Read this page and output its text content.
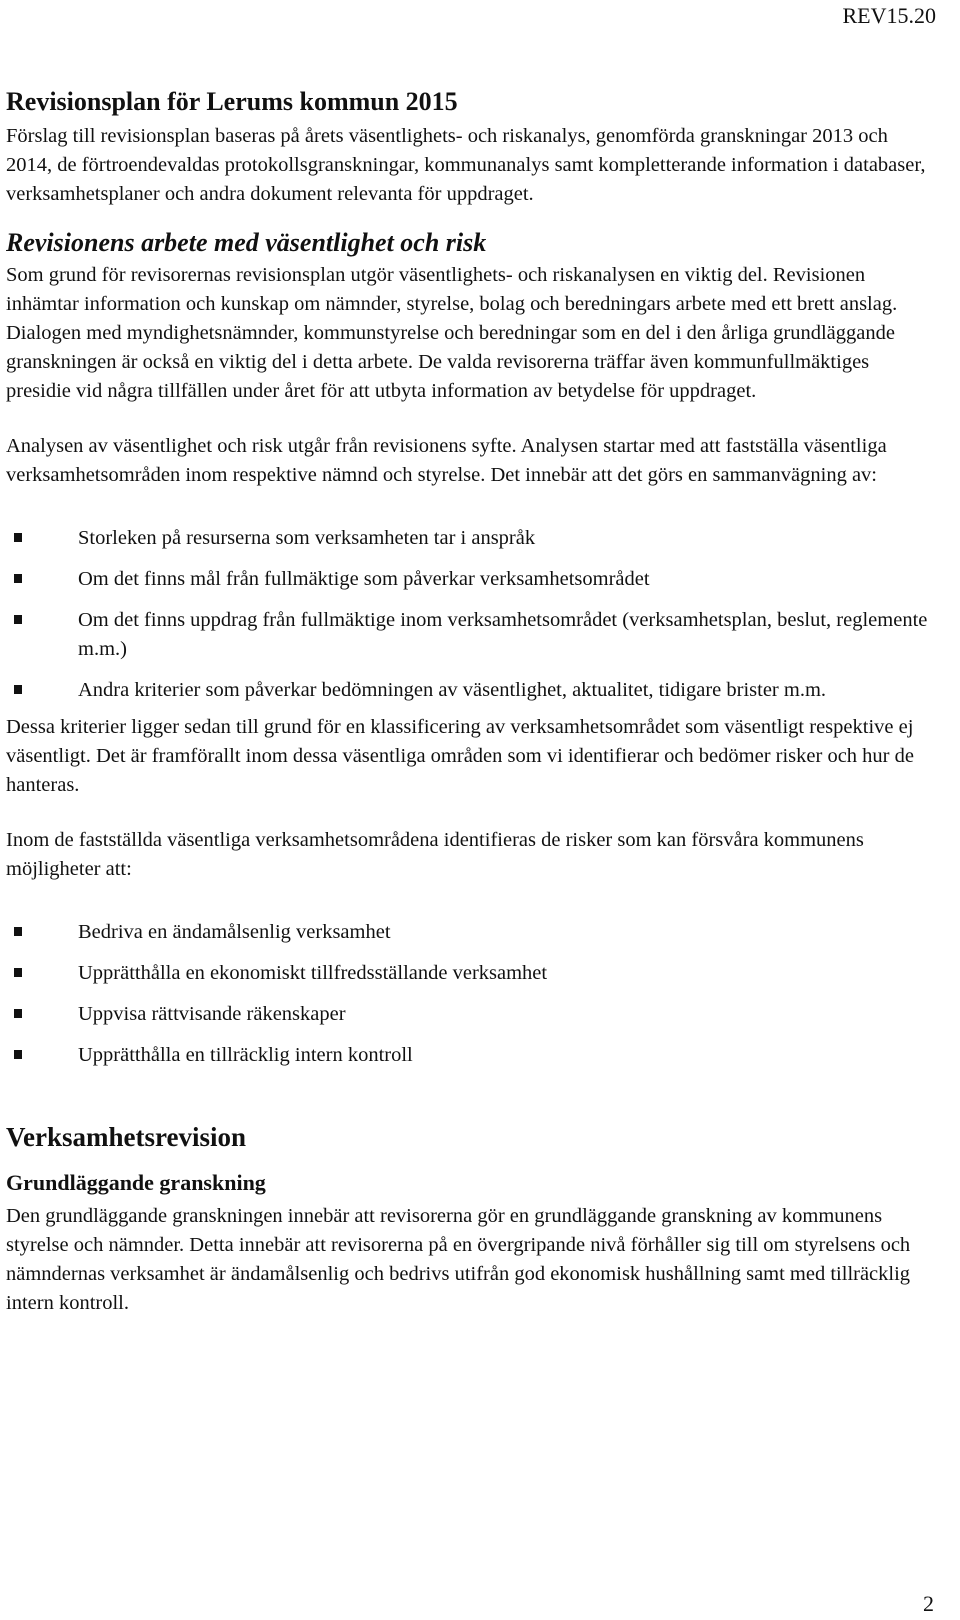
REV15.20
Revisionsplan för Lerums kommun 2015

Förslag till revisionsplan baseras på årets väsentlighets- och riskanalys, genomförda granskningar 2013 och 2014, de förtroendevaldas protokollsgranskningar, kommunanalys samt kompletterande information i databaser, verksamhetsplaner och andra dokument relevanta för uppdraget.

Revisionens arbete med väsentlighet och risk

Som grund för revisorernas revisionsplan utgör väsentlighets- och riskanalysen en viktig del. Revisionen inhämtar information och kunskap om nämnder, styrelse, bolag och beredningars arbete med ett brett anslag. Dialogen med myndighetsnämnder, kommunstyrelse och beredningar som en del i den årliga grundläggande granskningen är också en viktig del i detta arbete. De valda revisorerna träffar även kommunfullmäktiges presidie vid några tillfällen under året för att utbyta information av betydelse för uppdraget.

Analysen av väsentlighet och risk utgår från revisionens syfte. Analysen startar med att fastställa väsentliga verksamhetsområden inom respektive nämnd och styrelse. Det innebär att det görs en sammanvägning av:

Storleken på resurserna som verksamheten tar i anspråk
Om det finns mål från fullmäktige som påverkar verksamhetsområdet
Om det finns uppdrag från fullmäktige inom verksamhetsområdet (verksamhetsplan, beslut, reglemente m.m.)
Andra kriterier som påverkar bedömningen av väsentlighet, aktualitet, tidigare brister m.m.

Dessa kriterier ligger sedan till grund för en klassificering av verksamhetsområdet som väsentligt respektive ej väsentligt. Det är framförallt inom dessa väsentliga områden som vi identifierar och bedömer risker och hur de hanteras.

Inom de fastställda väsentliga verksamhetsområdena identifieras de risker som kan försvåra kommunens möjligheter att:

Bedriva en ändamålsenlig verksamhet
Upprätthålla en ekonomiskt tillfredsställande verksamhet
Uppvisa rättvisande räkenskaper
Upprätthålla en tillräcklig intern kontroll
Verksamhetsrevision
Grundläggande granskning

Den grundläggande granskningen innebär att revisorerna gör en grundläggande granskning av kommunens styrelse och nämnder. Detta innebär att revisorerna på en övergripande nivå förhåller sig till om styrelsens och nämndernas verksamhet är ändamålsenlig och bedrivs utifrån god ekonomisk hushållning samt med tillräcklig intern kontroll.

2
